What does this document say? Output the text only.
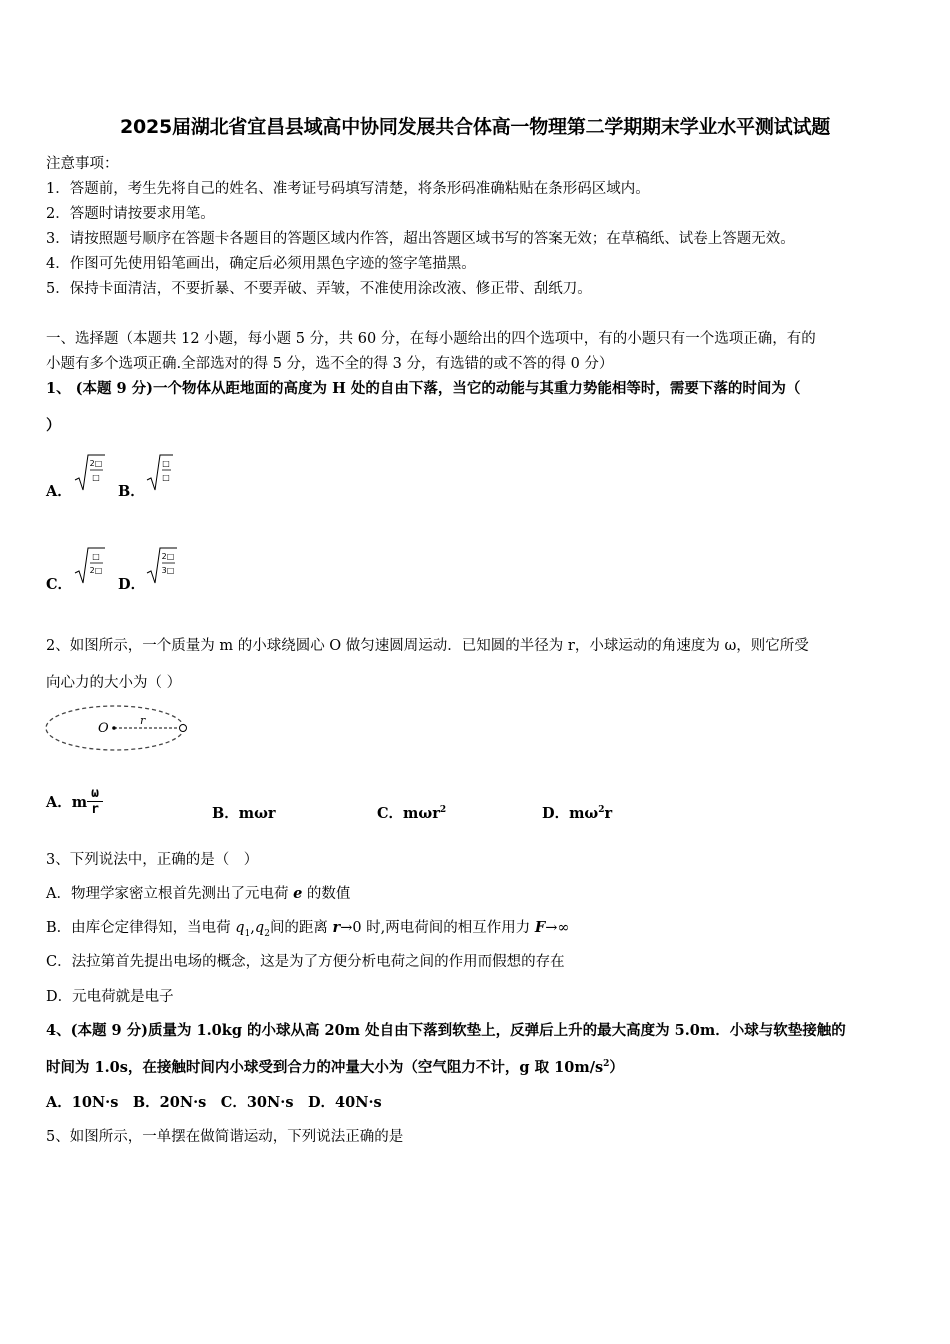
2025届湖北省宜昌县域高中协同发展共合体高一物理第二学期期末学业水平测试试题
注意事项：
1．答题前，考生先将自己的姓名、准考证号码填写清楚，将条形码准确粘贴在条形码区域内。
2．答题时请按要求用笔。
3．请按照题号顺序在答题卡各题目的答题区域内作答，超出答题区域书写的答案无效；在草稿纸、试卷上答题无效。
4．作图可先使用铅笔画出，确定后必须用黑色字迹的签字笔描黑。
5．保持卡面清洁，不要折暴、不要弄破、弄皱，不准使用涂改液、修正带、刮纸刀。
一、选择题（本题共 12 小题，每小题 5 分，共 60 分，在每小题给出的四个选项中，有的小题只有一个选项正确，有的
小题有多个选项正确.全部选对的得 5 分，选不全的得 3 分，有选错的或不答的得 0 分）
1、 (本题 9 分)一个物体从距地面的高度为 H 处的自由下落，当它的动能与其重力势能相等时，需要下落的时间为（
）
A．
2□
□
B．
□
□
C．
□
2□
D．
2□
3□
2、如图所示，一个质量为 m 的小球绕圆心 O 做匀速圆周运动．已知圆的半径为 r，小球运动的角速度为 ω，则它所受
向心力的大小为（ ）
O
r
A．m $\frac{\omega}{r}$	B．mωr	C．mωr$^2$	D．$m\omega^2r$
3、下列说法中，正确的是（　）
A．物理学家密立根首先测出了元电荷 e 的数值
B．由库仑定律得知，当电荷 $q_1,q_2$间的距离 r→0 时,两电荷间的相互作用力 F→∞
C．法拉第首先提出电场的概念，这是为了方便分析电荷之间的作用而假想的存在
D．元电荷就是电子
4、(本题 9 分)质量为 1.0kg 的小球从高 20m 处自由下落到软垫上，反弹后上升的最大高度为 5.0m．小球与软垫接触的
时间为 1.0s，在接触时间内小球受到合力的冲量大小为（空气阻力不计，g 取 $10m/s^2$）
A．10N·s　B．20N·s　C．30N·s　D．40N·s
5、如图所示，一单摆在做简谐运动，下列说法正确的是
